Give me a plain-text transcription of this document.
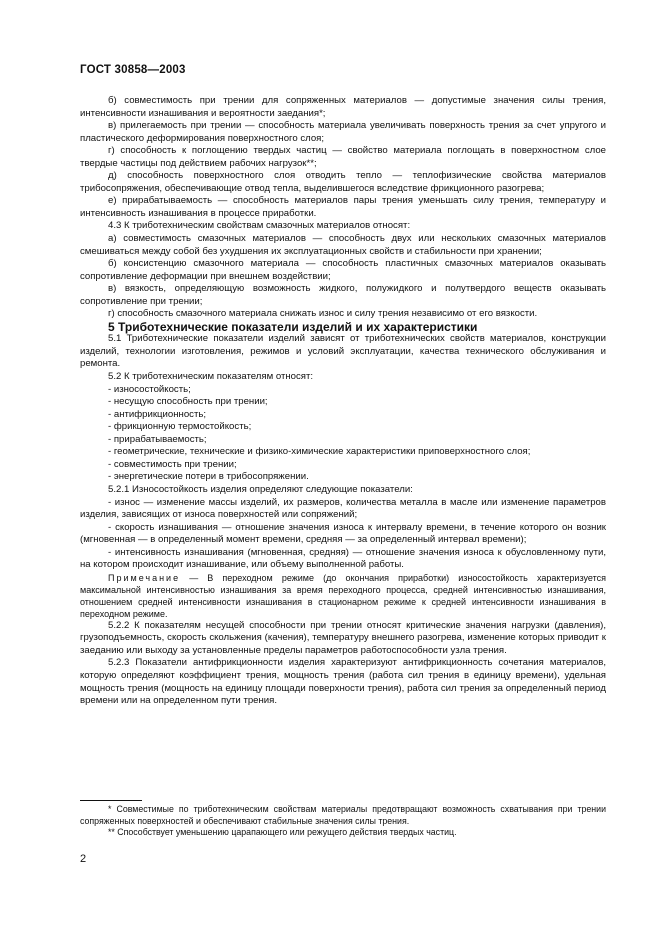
ГОСТ 30858—2003

б) совместимость при трении для сопряженных материалов — допустимые значения силы трения, интенсивности изнашивания и вероятности заедания*;

в) прилегаемость при трении — способность материала увеличивать поверхность трения за счет упругого и пластического деформирования поверхностного слоя;

г) способность к поглощению твердых частиц — свойство материала поглощать в поверхностном слое твердые частицы под действием рабочих нагрузок**;

д) способность поверхностного слоя отводить тепло — теплофизические свойства материалов трибосопряжения, обеспечивающие отвод тепла, выделившегося вследствие фрикционного разогрева;

е) прирабатываемость — способность материалов пары трения уменьшать силу трения, температуру и интенсивность изнашивания в процессе приработки.

4.3 К триботехническим свойствам смазочных материалов относят:

а) совместимость смазочных материалов — способность двух или нескольких смазочных материалов смешиваться между собой без ухудшения их эксплуатационных свойств и стабильности при хранении;

б) консистенцию смазочного материала — способность пластичных смазочных материалов оказывать сопротивление деформации при внешнем воздействии;

в) вязкость, определяющую возможность жидкого, полужидкого и полутвердого веществ оказывать сопротивление при трении;

г) способность смазочного материала снижать износ и силу трения независимо от его вязкости.

5 Триботехнические показатели изделий и их характеристики

5.1 Триботехнические показатели изделий зависят от триботехнических свойств материалов, конструкции изделий, технологии изготовления, режимов и условий эксплуатации, качества технического обслуживания и ремонта.

5.2 К триботехническим показателям относят:

- износостойкость;

- несущую способность при трении;

- антифрикционность;

- фрикционную термостойкость;

- прирабатываемость;

- геометрические, технические и физико-химические характеристики приповерхностного слоя;

- совместимость при трении;

- энергетические потери в трибосопряжении.

5.2.1 Износостойкость изделия определяют следующие показатели:

- износ — изменение массы изделий, их размеров, количества металла в масле или изменение параметров изделия, зависящих от износа поверхностей или сопряжений;

- скорость изнашивания — отношение значения износа к интервалу времени, в течение которого он возник (мгновенная — в определенный момент времени, средняя — за определенный интервал времени);

- интенсивность изнашивания (мгновенная, средняя) — отношение значения износа к обусловленному пути, на котором происходит изнашивание, или объему выполненной работы.

Примечание — В переходном режиме (до окончания приработки) износостойкость характеризуется максимальной интенсивностью изнашивания за время переходного процесса, средней интенсивностью изнашивания, отношением средней интенсивности изнашивания в стационарном режиме к средней интенсивности изнашивания в переходном режиме.

5.2.2 К показателям несущей способности при трении относят критические значения нагрузки (давления), грузоподъемность, скорость скольжения (качения), температуру внешнего разогрева, изменение которых приводит к заеданию или выходу за установленные пределы параметров работоспособности узла трения.

5.2.3 Показатели антифрикционности изделия характеризуют антифрикционность сочетания материалов, которую определяют коэффициент трения, мощность трения (работа сил трения в единицу времени), удельная мощность трения (мощность на единицу площади поверхности трения), работа сил трения за определенный период времени или на определенном пути трения.

* Совместимые по триботехническим свойствам материалы предотвращают возможность схватывания при трении сопряженных поверхностей и обеспечивают стабильные значения силы трения.

** Способствует уменьшению царапающего или режущего действия твердых частиц.

2
